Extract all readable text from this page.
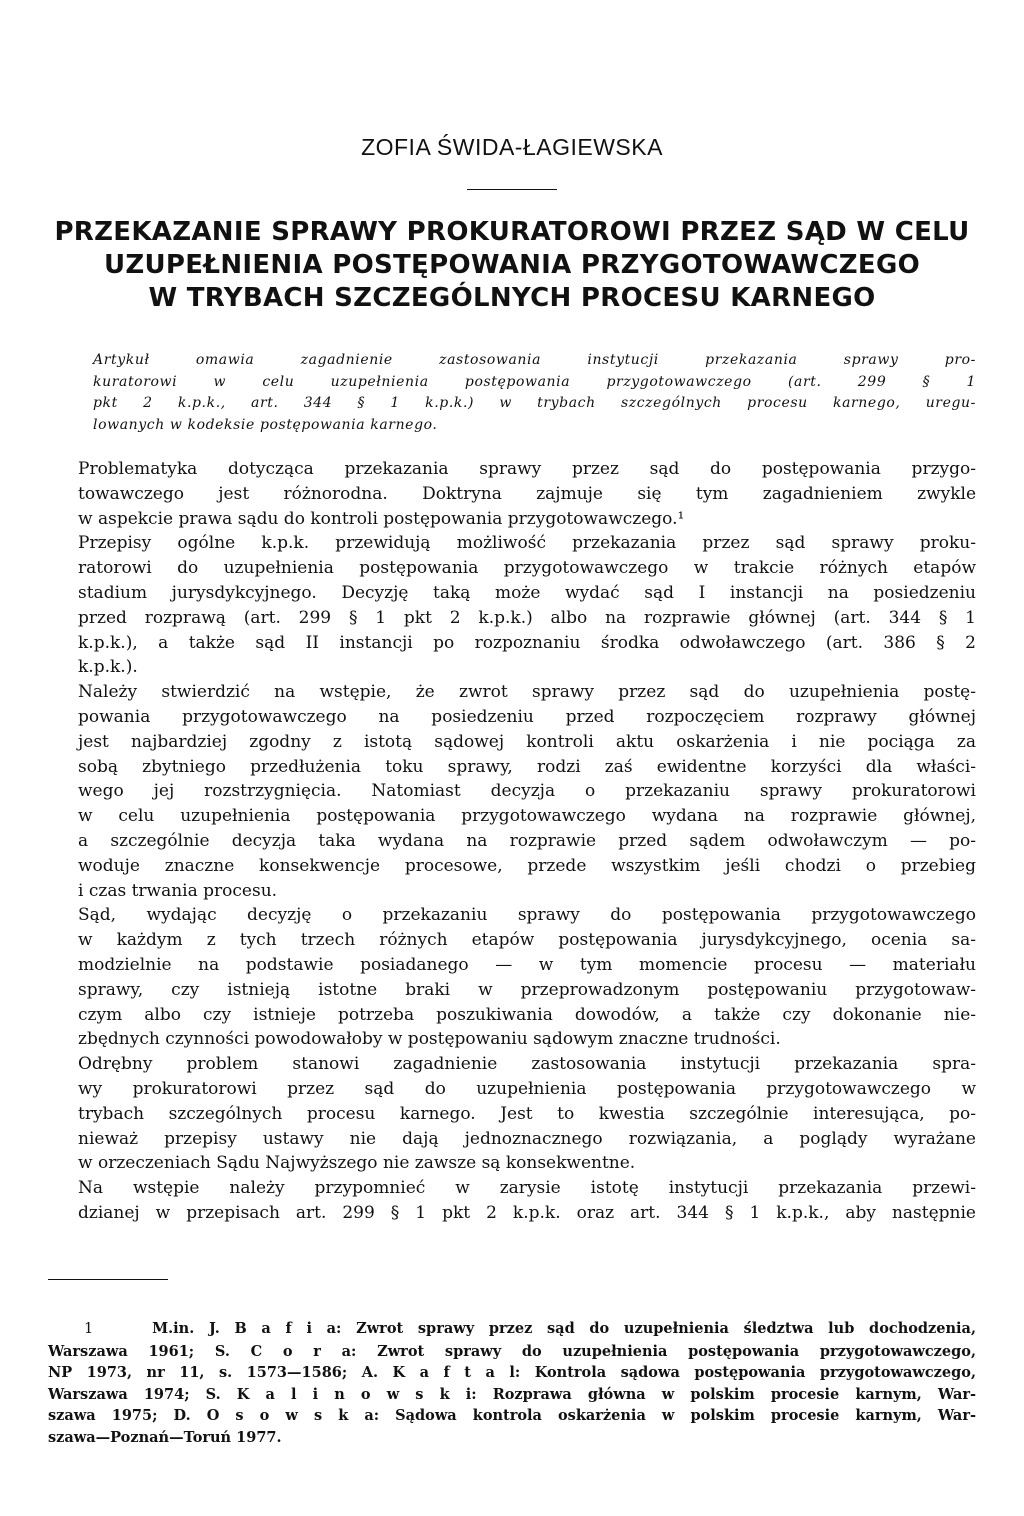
ZOFIA ŚWIDA-ŁAGIEWSKA
PRZEKAZANIE SPRAWY PROKURATOROWI PRZEZ SĄD W CELU
UZUPEŁNIENIA POSTĘPOWANIA PRZYGOTOWAWCZEGO
W TRYBACH SZCZEGÓLNYCH PROCESU KARNEGO
Artykuł omawia zagadnienie zastosowania instytucji przekazania sprawy pro-
kuratorowi w celu uzupełnienia postępowania przygotowawczego (art. 299 § 1
pkt 2 k.p.k., art. 344 § 1 k.p.k.) w trybach szczególnych procesu karnego, uregu-
lowanych w kodeksie postępowania karnego.

Problematyka dotycząca przekazania sprawy przez sąd do postępowania przygo-
towawczego jest różnorodna. Doktryna zajmuje się tym zagadnieniem zwykle
w aspekcie prawa sądu do kontroli postępowania przygotowawczego.¹

Przepisy ogólne k.p.k. przewidują możliwość przekazania przez sąd sprawy proku-
ratorowi do uzupełnienia postępowania przygotowawczego w trakcie różnych etapów
stadium jurysdykcyjnego. Decyzję taką może wydać sąd I instancji na posiedzeniu
przed rozprawą (art. 299 § 1 pkt 2 k.p.k.) albo na rozprawie głównej (art. 344 § 1
k.p.k.), a także sąd II instancji po rozpoznaniu środka odwoławczego (art. 386 § 2
k.p.k.).

Należy stwierdzić na wstępie, że zwrot sprawy przez sąd do uzupełnienia postę-
powania przygotowawczego na posiedzeniu przed rozpoczęciem rozprawy głównej
jest najbardziej zgodny z istotą sądowej kontroli aktu oskarżenia i nie pociąga za
sobą zbytniego przedłużenia toku sprawy, rodzi zaś ewidentne korzyści dla właści-
wego jej rozstrzygnięcia. Natomiast decyzja o przekazaniu sprawy prokuratorowi
w celu uzupełnienia postępowania przygotowawczego wydana na rozprawie głównej,
a szczególnie decyzja taka wydana na rozprawie przed sądem odwoławczym — po-
woduje znaczne konsekwencje procesowe, przede wszystkim jeśli chodzi o przebieg
i czas trwania procesu.

Sąd, wydając decyzję o przekazaniu sprawy do postępowania przygotowawczego
w każdym z tych trzech różnych etapów postępowania jurysdykcyjnego, ocenia sa-
modzielnie na podstawie posiadanego — w tym momencie procesu — materiału
sprawy, czy istnieją istotne braki w przeprowadzonym postępowaniu przygotowaw-
czym albo czy istnieje potrzeba poszukiwania dowodów, a także czy dokonanie nie-
zbędnych czynności powodowałoby w postępowaniu sądowym znaczne trudności.

Odrębny problem stanowi zagadnienie zastosowania instytucji przekazania spra-
wy prokuratorowi przez sąd do uzupełnienia postępowania przygotowawczego w
trybach szczególnych procesu karnego. Jest to kwestia szczególnie interesująca, po-
nieważ przepisy ustawy nie dają jednoznacznego rozwiązania, a poglądy wyrażane
w orzeczeniach Sądu Najwyższego nie zawsze są konsekwentne.

Na wstępie należy przypomnieć w zarysie istotę instytucji przekazania przewi-
dzianej w przepisach art. 299 § 1 pkt 2 k.p.k. oraz art. 344 § 1 k.p.k., aby następnie

1	M.in. J. B a f i a: Zwrot sprawy przez sąd do uzupełnienia śledztwa lub dochodzenia,
Warszawa 1961; S. C o r a: Zwrot sprawy do uzupełnienia postępowania przygotowawczego,
NP 1973, nr 11, s. 1573—1586; A. K a f t a l: Kontrola sądowa postępowania przygotowawczego,
Warszawa 1974; S. K a l i n o w s k i: Rozprawa główna w polskim procesie karnym, War-
szawa 1975; D. O s o w s k a: Sądowa kontrola oskarżenia w polskim procesie karnym, War-
szawa—Poznań—Toruń 1977.
